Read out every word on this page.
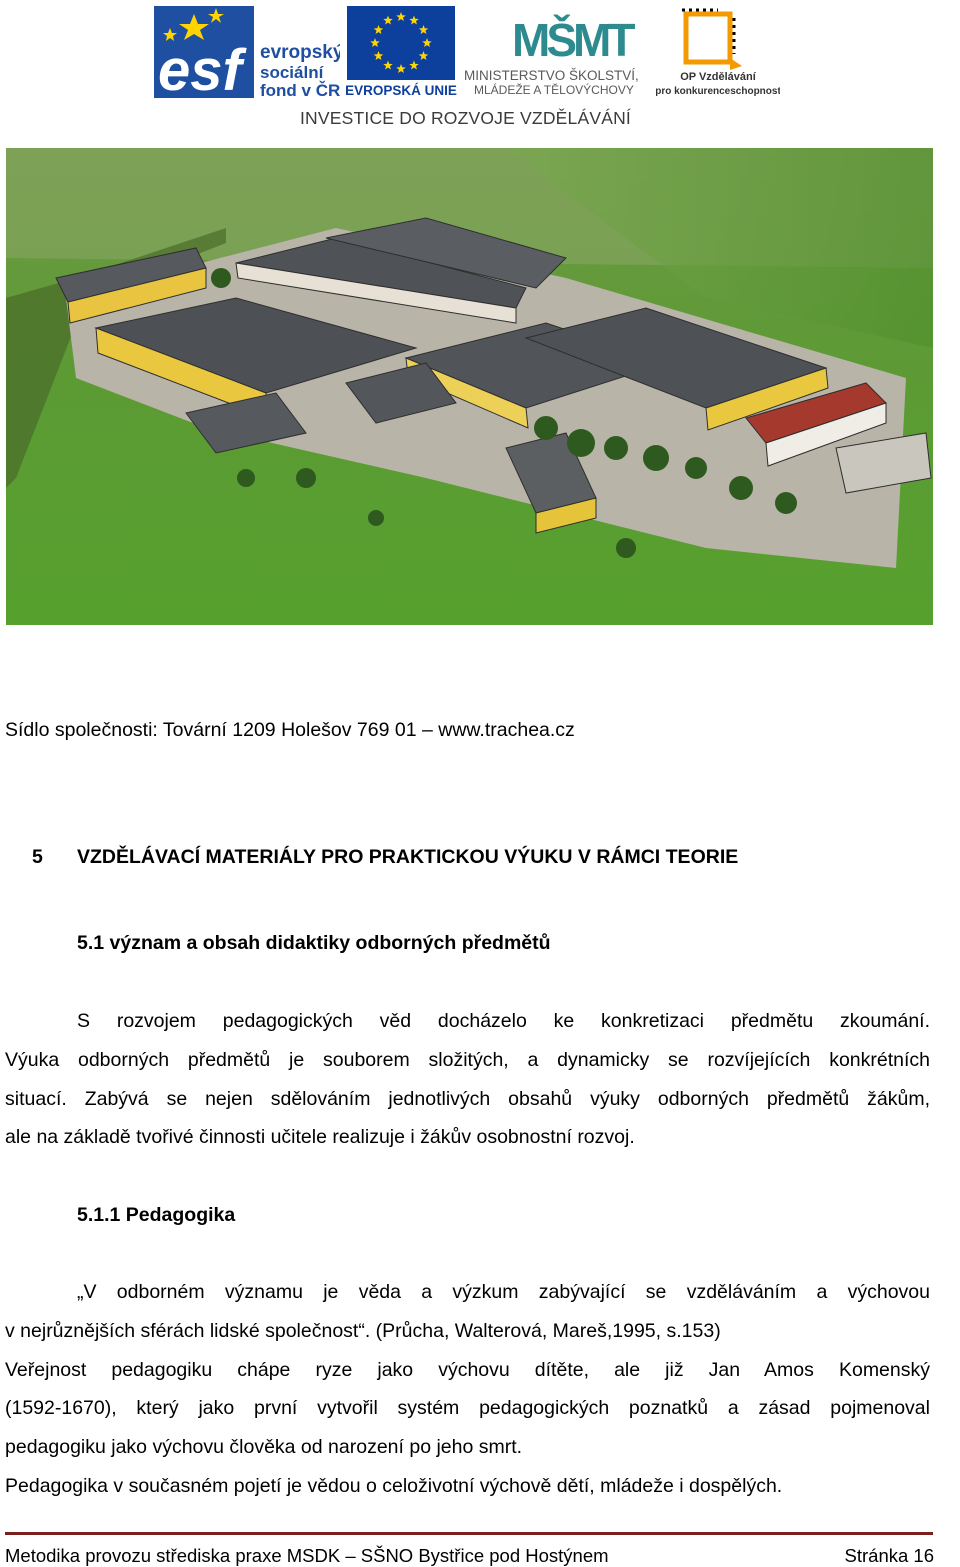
esf evropský
sociální
fond v ČR EVROPSKÁ UNIE
MŠMT
MINISTERSTVO ŠKOLSTVÍ,
MLÁDEŽE A TĚLOVÝCHOVY
OP Vzdělávání
pro konkurenceschopnost
INVESTICE DO ROZVOJE VZDĚLÁVÁNÍ
Sídlo společnosti: Tovární 1209 Holešov 769 01 – www.trachea.cz
5 VZDĚLÁVACÍ MATERIÁLY PRO PRAKTICKOU VÝUKU V RÁMCI TEORIE
5.1 význam a obsah didaktiky odborných předmětů
S rozvojem pedagogických věd docházelo ke konkretizaci předmětu zkoumání.
Výuka odborných předmětů je souborem složitých, a dynamicky se rozvíjejících konkrétních
situací. Zabývá se nejen sdělováním jednotlivých obsahů výuky odborných předmětů žákům,
ale na základě tvořivé činnosti učitele realizuje i žákův osobnostní rozvoj.
5.1.1 Pedagogika
„V odborném významu je věda a výzkum zabývající se vzděláváním a výchovou
v nejrůznějších sférách lidské společnost“. (Průcha, Walterová, Mareš,1995, s.153)
Veřejnost pedagogiku chápe ryze jako výchovu dítěte, ale již Jan Amos Komenský
(1592-1670), který jako první vytvořil systém pedagogických poznatků a zásad pojmenoval
pedagogiku jako výchovu člověka od narození po jeho smrt.
Pedagogika v současném pojetí je vědou o celoživotní výchově dětí, mládeže i dospělých.
Metodika provozu střediska praxe MSDK – SŠNO Bystřice pod Hostýnem	Stránka 16
